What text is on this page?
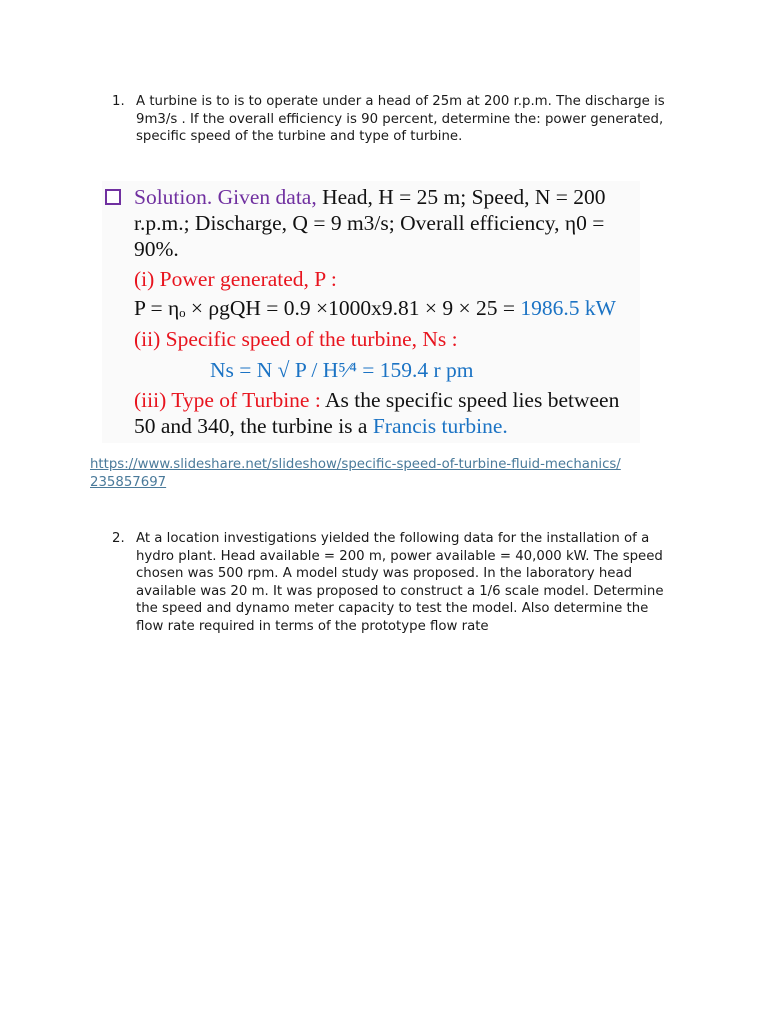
1. A turbine is to is to operate under a head of 25m at 200 r.p.m. The discharge is 9m3/s . If the overall efficiency is 90 percent, determine the: power generated, specific speed of the turbine and type of turbine.
Solution. Given data, Head, H = 25 m; Speed, N = 200
r.p.m.; Discharge, Q = 9 m3/s; Overall efficiency, η0 =
90%.
(i) Power generated, P :
P = ηₒ × ρgQH = 0.9 ×1000x9.81 × 9 × 25 = 1986.5 kW
(ii) Specific speed of the turbine, Ns :
Ns = N √ P / H⁵⁄⁴ = 159.4 r pm
(iii) Type of Turbine : As the specific speed lies between
50 and 340, the turbine is a Francis turbine.
https://www.slideshare.net/slideshow/specific-speed-of-turbine-fluid-mechanics/
235857697
2. At a location investigations yielded the following data for the installation of a hydro plant. Head available = 200 m, power available = 40,000 kW. The speed chosen was 500 rpm. A model study was proposed. In the laboratory head available was 20 m. It was proposed to construct a 1/6 scale model. Determine the speed and dynamo meter capacity to test the model. Also determine the flow rate required in terms of the prototype flow rate
